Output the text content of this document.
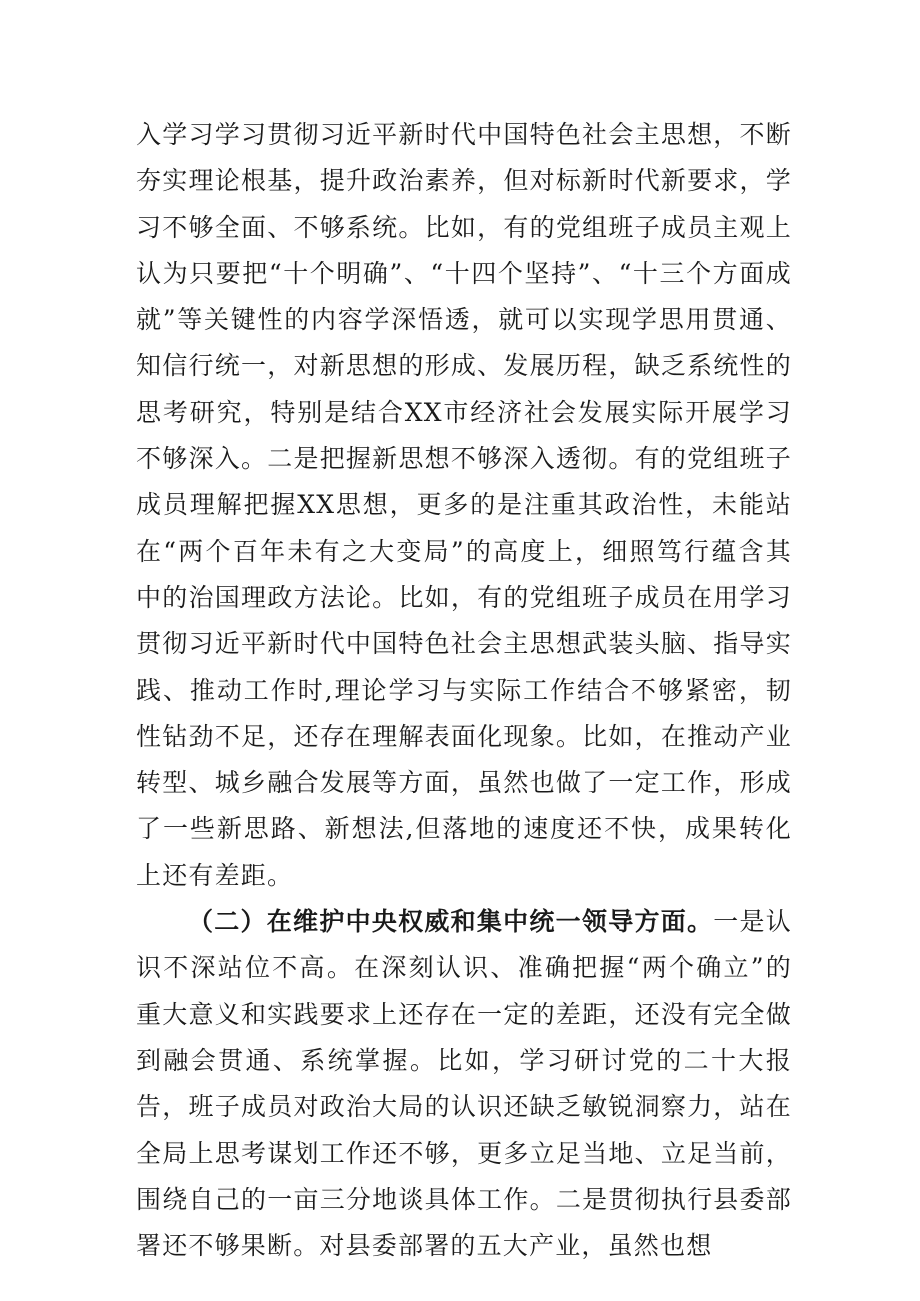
入学习学习贯彻习近平新时代中国特色社会主思想，不断夯实理论根基，提升政治素养，但对标新时代新要求，学习不够全面、不够系统。比如，有的党组班子成员主观上认为只要把“十个明确”、“十四个坚持”、“十三个方面成就”等关键性的内容学深悟透，就可以实现学思用贯通、知信行统一，对新思想的形成、发展历程，缺乏系统性的思考研究，特别是结合XX市经济社会发展实际开展学习不够深入。二是把握新思想不够深入透彻。有的党组班子成员理解把握XX思想，更多的是注重其政治性，未能站在“两个百年未有之大变局”的高度上，细照笃行蕴含其中的治国理政方法论。比如，有的党组班子成员在用学习贯彻习近平新时代中国特色社会主思想武装头脑、指导实践、推动工作时,理论学习与实际工作结合不够紧密，韧性钻劲不足，还存在理解表面化现象。比如，在推动产业转型、城乡融合发展等方面，虽然也做了一定工作，形成了一些新思路、新想法,但落地的速度还不快，成果转化上还有差距。

（二）在维护中央权威和集中统一领导方面。一是认识不深站位不高。在深刻认识、准确把握“两个确立”的重大意义和实践要求上还存在一定的差距，还没有完全做到融会贯通、系统掌握。比如，学习研讨党的二十大报告，班子成员对政治大局的认识还缺乏敏锐洞察力，站在全局上思考谋划工作还不够，更多立足当地、立足当前，围绕自己的一亩三分地谈具体工作。二是贯彻执行县委部署还不够果断。对县委部署的五大产业，虽然也想
